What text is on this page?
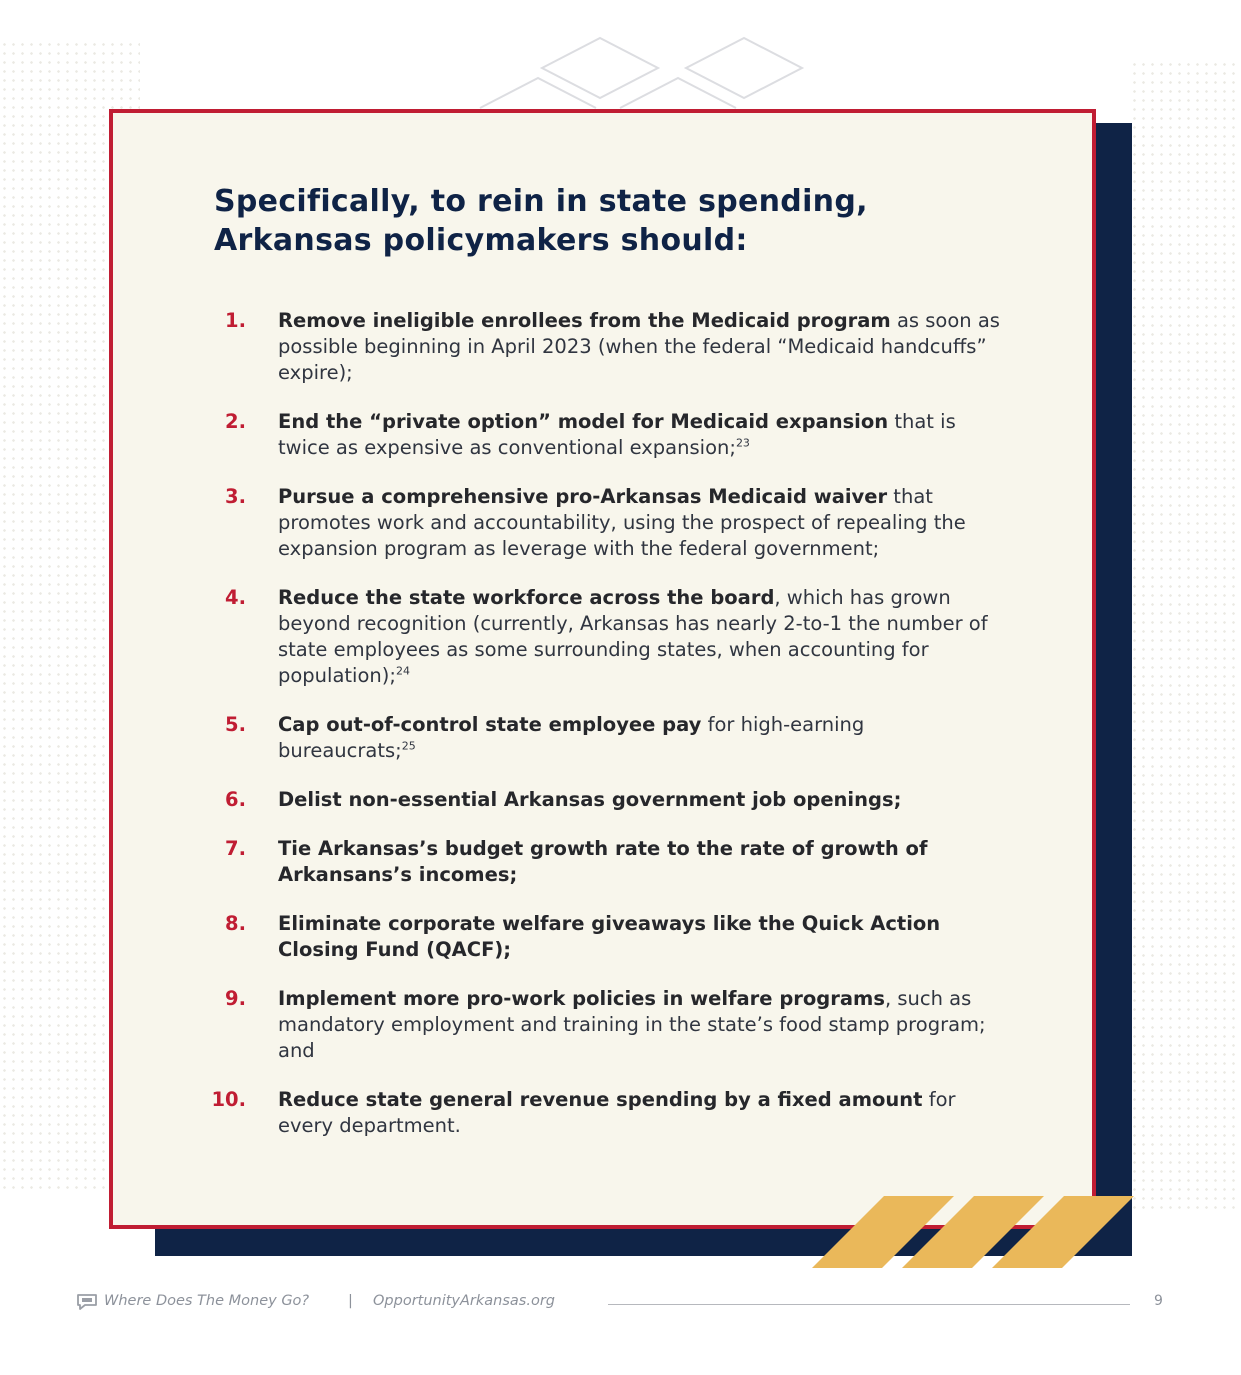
Specifically, to rein in state spending,
Arkansas policymakers should:
1. Remove ineligible enrollees from the Medicaid program as soon as possible beginning in April 2023 (when the federal “Medicaid handcuffs” expire);
2. End the “private option” model for Medicaid expansion that is twice as expensive as conventional expansion;$^{23}$
3. Pursue a comprehensive pro-Arkansas Medicaid waiver that promotes work and accountability, using the prospect of repealing the expansion program as leverage with the federal government;
4. Reduce the state workforce across the board, which has grown beyond recognition (currently, Arkansas has nearly 2-to-1 the number of state employees as some surrounding states, when accounting for population);$^{24}$
5. Cap out-of-control state employee pay for high-earning bureaucrats;$^{25}$
6. Delist non-essential Arkansas government job openings;
7. Tie Arkansas’s budget growth rate to the rate of growth of Arkansans’s incomes;
8. Eliminate corporate welfare giveaways like the Quick Action Closing Fund (QACF);
9. Implement more pro-work policies in welfare programs, such as mandatory employment and training in the state’s food stamp program; and
10. Reduce state general revenue spending by a fixed amount for every department.
Where Does The Money Go?	| OpportunityArkansas.org	9
